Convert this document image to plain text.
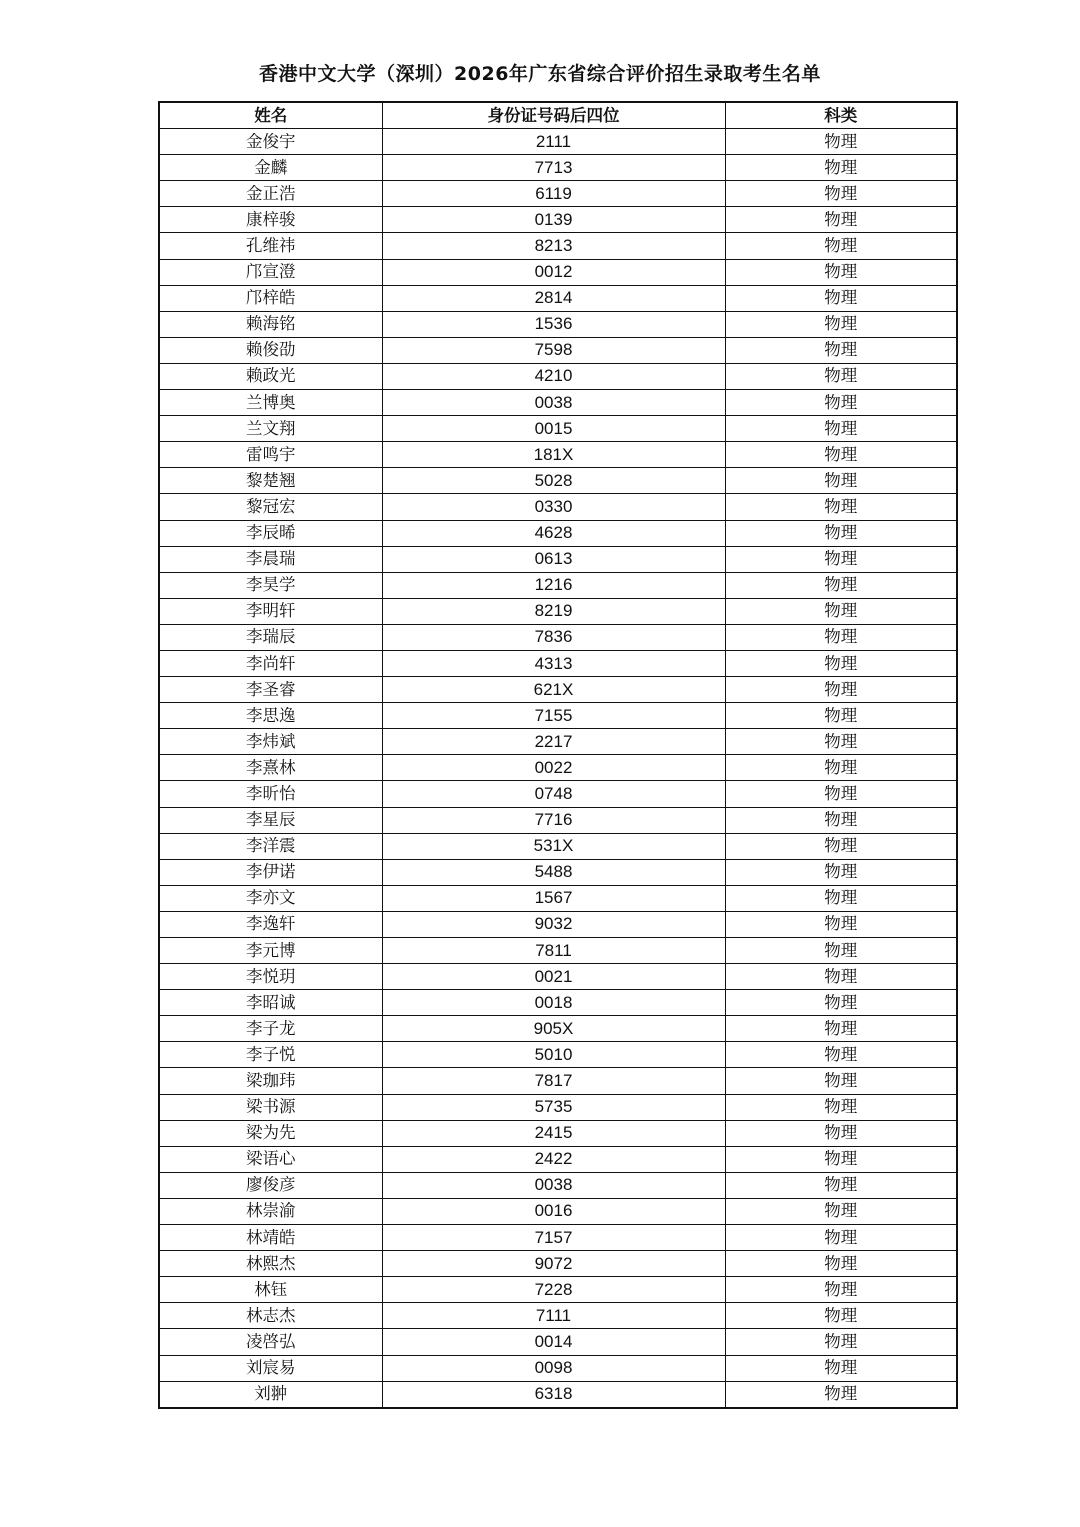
香港中文大学（深圳）2026年广东省综合评价招生录取考生名单
姓名	身份证号码后四位	科类
金俊宇	2111	物理
金麟	7713	物理
金正浩	6119	物理
康梓骏	0139	物理
孔维祎	8213	物理
邝宣澄	0012	物理
邝梓皓	2814	物理
赖海铭	1536	物理
赖俊劭	7598	物理
赖政光	4210	物理
兰博奥	0038	物理
兰文翔	0015	物理
雷鸣宇	181X	物理
黎楚翘	5028	物理
黎冠宏	0330	物理
李辰晞	4628	物理
李晨瑞	0613	物理
李昊学	1216	物理
李明轩	8219	物理
李瑞辰	7836	物理
李尚轩	4313	物理
李圣睿	621X	物理
李思逸	7155	物理
李炜斌	2217	物理
李熹林	0022	物理
李昕怡	0748	物理
李星辰	7716	物理
李洋震	531X	物理
李伊诺	5488	物理
李亦文	1567	物理
李逸轩	9032	物理
李元博	7811	物理
李悦玥	0021	物理
李昭诚	0018	物理
李子龙	905X	物理
李子悦	5010	物理
梁珈玮	7817	物理
梁书源	5735	物理
梁为先	2415	物理
梁语心	2422	物理
廖俊彦	0038	物理
林崇渝	0016	物理
林靖皓	7157	物理
林熙杰	9072	物理
林钰	7228	物理
林志杰	7111	物理
凌啓弘	0014	物理
刘宸易	0098	物理
刘翀	6318	物理
